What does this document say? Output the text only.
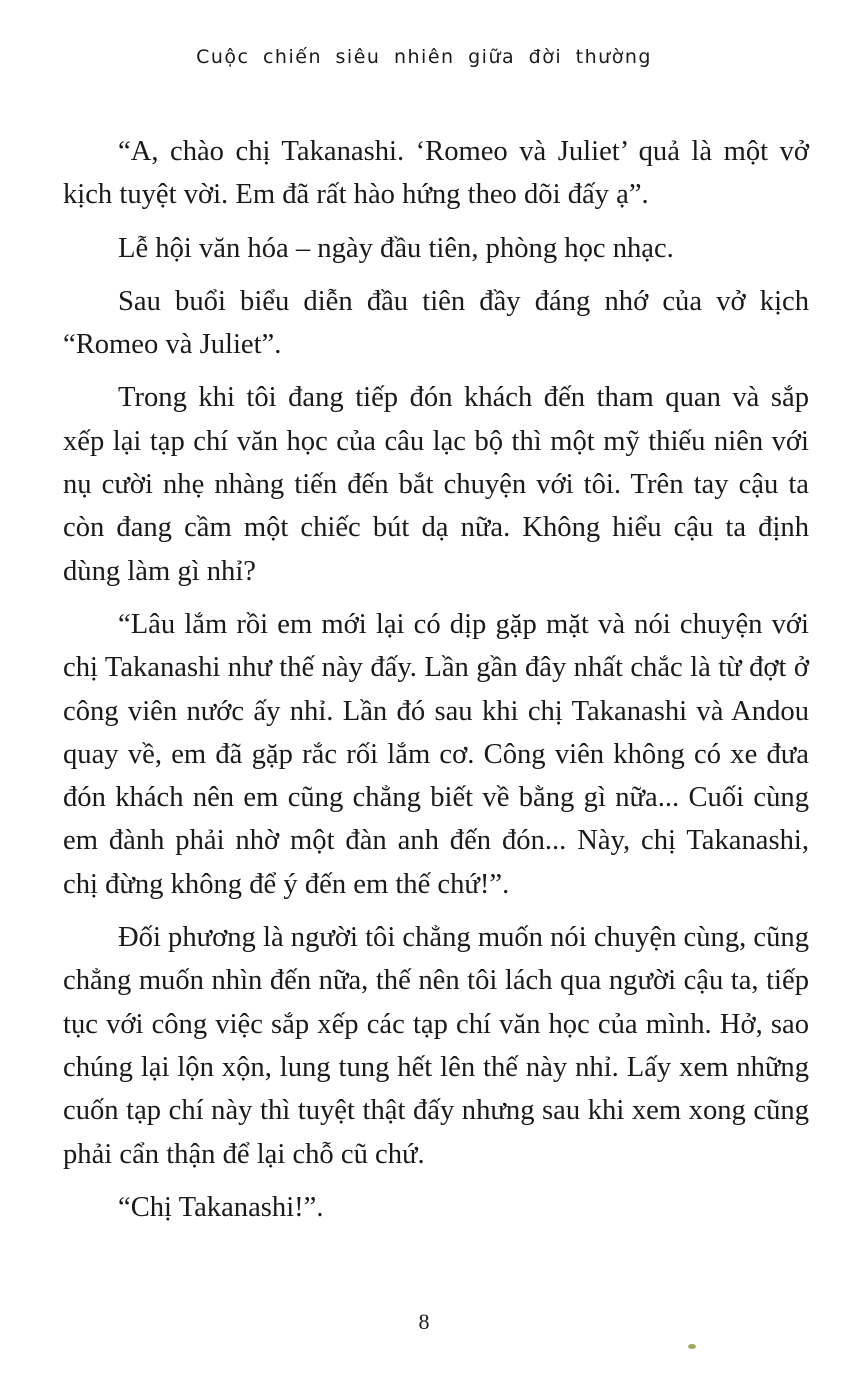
Cuộc chiến siêu nhiên giữa đời thường

“A, chào chị Takanashi. ‘Romeo và Juliet’ quả là một vở kịch tuyệt vời. Em đã rất hào hứng theo dõi đấy ạ”.

Lễ hội văn hóa – ngày đầu tiên, phòng học nhạc.

Sau buổi biểu diễn đầu tiên đầy đáng nhớ của vở kịch “Romeo và Juliet”.

Trong khi tôi đang tiếp đón khách đến tham quan và sắp xếp lại tạp chí văn học của câu lạc bộ thì một mỹ thiếu niên với nụ cười nhẹ nhàng tiến đến bắt chuyện với tôi. Trên tay cậu ta còn đang cầm một chiếc bút dạ nữa. Không hiểu cậu ta định dùng làm gì nhỉ?

“Lâu lắm rồi em mới lại có dịp gặp mặt và nói chuyện với chị Takanashi như thế này đấy. Lần gần đây nhất chắc là từ đợt ở công viên nước ấy nhỉ. Lần đó sau khi chị Takanashi và Andou quay về, em đã gặp rắc rối lắm cơ. Công viên không có xe đưa đón khách nên em cũng chẳng biết về bằng gì nữa... Cuối cùng em đành phải nhờ một đàn anh đến đón... Này, chị Takanashi, chị đừng không để ý đến em thế chứ!”.

Đối phương là người tôi chẳng muốn nói chuyện cùng, cũng chẳng muốn nhìn đến nữa, thế nên tôi lách qua người cậu ta, tiếp tục với công việc sắp xếp các tạp chí văn học của mình. Hở, sao chúng lại lộn xộn, lung tung hết lên thế này nhỉ. Lấy xem những cuốn tạp chí này thì tuyệt thật đấy nhưng sau khi xem xong cũng phải cẩn thận để lại chỗ cũ chứ.

“Chị Takanashi!”.

8
